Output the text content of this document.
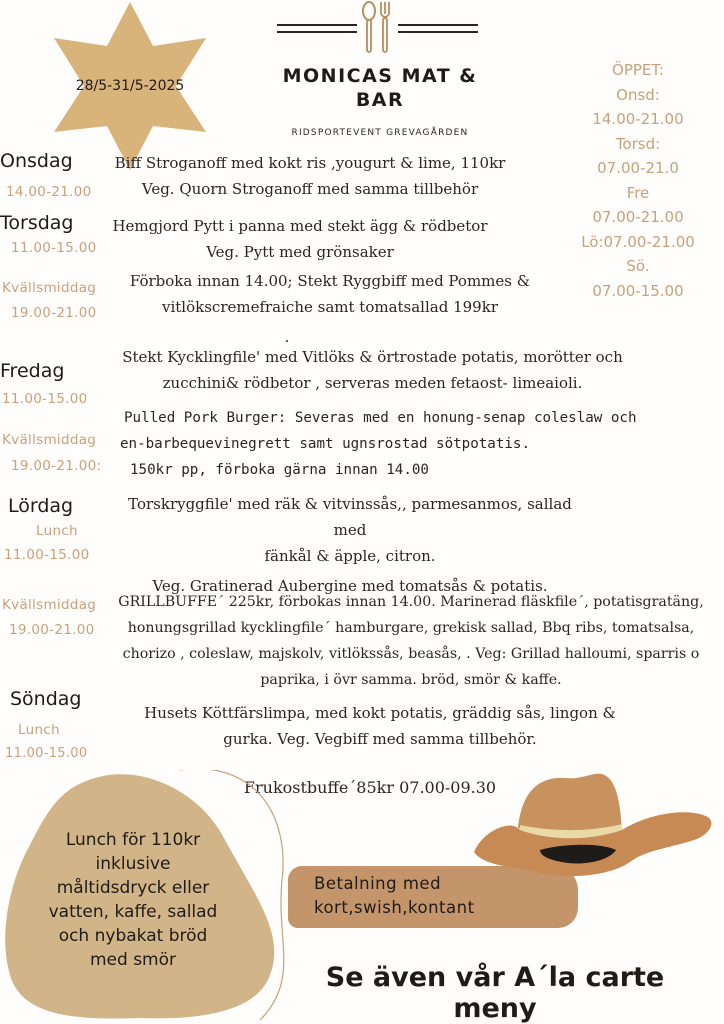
28/5-31/5-2025	MONICAS MAT &
BAR
RIDSPORTEVENT GREVAGÅRDEN
ÖPPET:
Onsd:
14.00-21.00
Torsd:
07.00-21.0
Fre
07.00-21.00
Lö:07.00-21.00
Sö.
07.00-15.00
Onsdag
14.00-21.00
Biff Stroganoff med kokt ris ,yougurt & lime, 110kr
Veg. Quorn Stroganoff med samma tillbehör
Torsdag
11.00-15.00
Hemgjord Pytt i panna med stekt ägg & rödbetor
Veg. Pytt med grönsaker
Kvällsmiddag
19.00-21.00
Förboka innan 14.00; Stekt Ryggbiff med Pommes &
vitlökscremefraiche samt tomatsallad 199kr
.
Fredag
11.00-15.00
Stekt Kycklingfile' med Vitlöks & örtrostade potatis, morötter och
zucchini& rödbetor , serveras meden fetaost- limeaioli.
Kvällsmiddag
19.00-21.00:
Pulled Pork Burger: Severas med en honung-senap coleslaw och
en-barbequevinegrett samt ugnsrostad sötpotatis.
150kr pp, förboka gärna innan 14.00
Lördag
Lunch
11.00-15.00
Torskryggfile' med räk & vitvinssås,, parmesanmos, sallad med
fänkål & äpple, citron.
Veg. Gratinerad Aubergine med tomatsås & potatis.
Kvällsmiddag
19.00-21.00
GRILLBUFFE´ 225kr, förbokas innan 14.00. Marinerad fläskfile´, potatisgratäng,
honungsgrillad kycklingfile´ hamburgare, grekisk sallad, Bbq ribs, tomatsalsa,
chorizo , coleslaw, majskolv, vitlökssås, beasås, . Veg: Grillad halloumi, sparris o
paprika, i övr samma. bröd, smör & kaffe.
Söndag
Lunch
11.00-15.00
Husets Köttfärslimpa, med kokt potatis, gräddig sås, lingon &
gurka. Veg. Vegbiff med samma tillbehör.
Frukostbuffe´85kr 07.00-09.30
Lunch för 110kr
inklusive
måltidsdryck eller
vatten, kaffe, sallad
och nybakat bröd
med smör
Betalning med
kort,swish,kontant
Se även vår A´la carte meny
